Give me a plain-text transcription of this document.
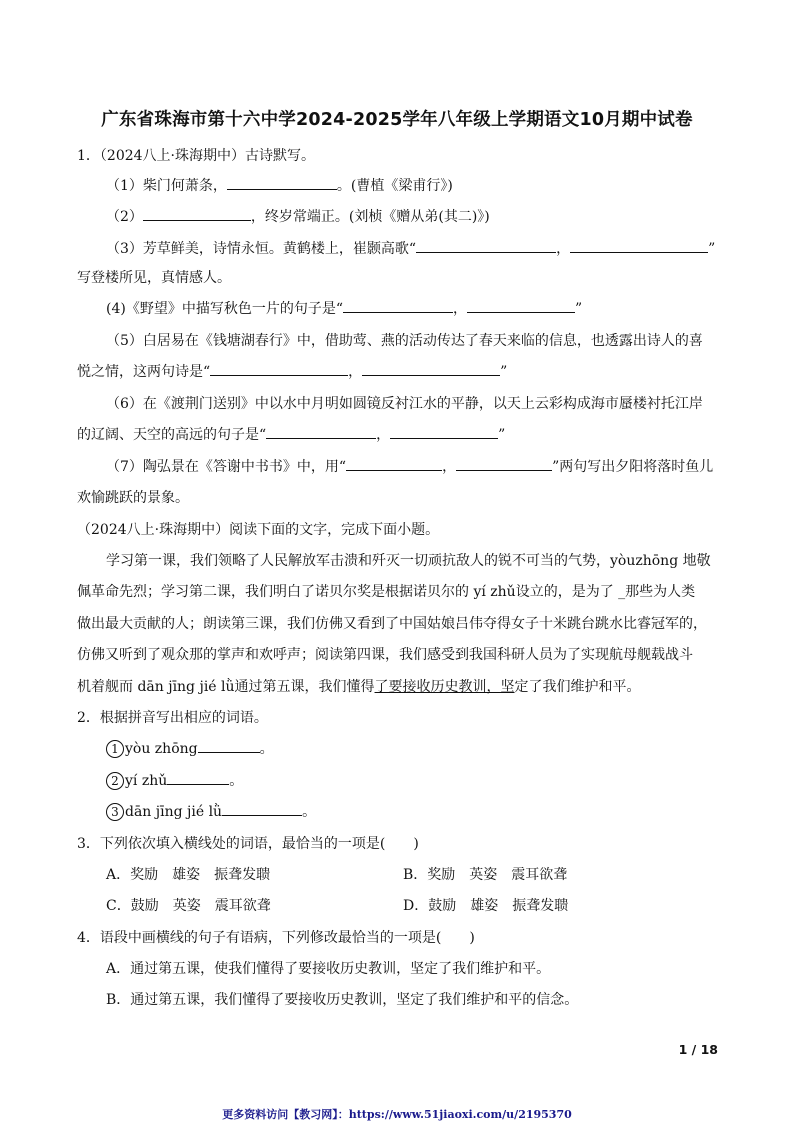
广东省珠海市第十六中学2024-2025学年八年级上学期语文10月期中试卷
1．（2024八上·珠海期中）古诗默写。
（1）柴门何萧条，	。(曹植《梁甫行》)
（2）	，终岁常端正。(刘桢《赠从弟(其二)》)
（3）芳草鲜美，诗情永恒。黄鹤楼上，崔颢高歌“	，	”
写登楼所见，真情感人。
(4)《野望》中描写秋色一片的句子是“	，	”
（5）白居易在《钱塘湖春行》中，借助莺、燕的活动传达了春天来临的信息，也透露出诗人的喜
悦之情，这两句诗是“	，	”
（6）在《渡荆门送别》中以水中月明如圆镜反衬江水的平静，以天上云彩构成海市蜃楼衬托江岸
的辽阔、天空的高远的句子是“	，	”
（7）陶弘景在《答谢中书书》中，用“	，	”两句写出夕阳将落时鱼儿
欢愉跳跃的景象。
（2024八上·珠海期中）阅读下面的文字，完成下面小题。
学习第一课，我们领略了人民解放军击溃和歼灭一切顽抗敌人的锐不可当的气势，yòuzhōng 地敬
佩革命先烈；学习第二课，我们明白了诺贝尔奖是根据诺贝尔的 yí zhǔ设立的，是为了 _那些为人类
做出最大贡献的人；朗读第三课，我们仿佛又看到了中国姑娘吕伟夺得女子十米跳台跳水比睿冠军的，
仿佛又听到了观众那的掌声和欢呼声；阅读第四课，我们感受到我国科研人员为了实现航母舰载战斗
机着舰而 dān jīng jié lǜ通过第五课，我们懂得了要接收历史教训，坚定了我们维护和平。
2．根据拼音写出相应的词语。
1 yòu zhōng	。
2 yí zhǔ	。
3 dān jīng jié lǜ	。
3．下列依次填入横线处的词语，最恰当的一项是(　　)
A．奖励　雄姿　振聋发聩	B．奖励　英姿　震耳欲聋
C．鼓励　英姿　震耳欲聋	D．鼓励　雄姿　振聋发聩
4．语段中画横线的句子有语病，下列修改最恰当的一项是(　　)
A．通过第五课，使我们懂得了要接收历史教训，坚定了我们维护和平。
B．通过第五课，我们懂得了要接收历史教训，坚定了我们维护和平的信念。
1 / 18
更多资料访问【教习网】：https://www.51jiaoxi.com/u/2195370
